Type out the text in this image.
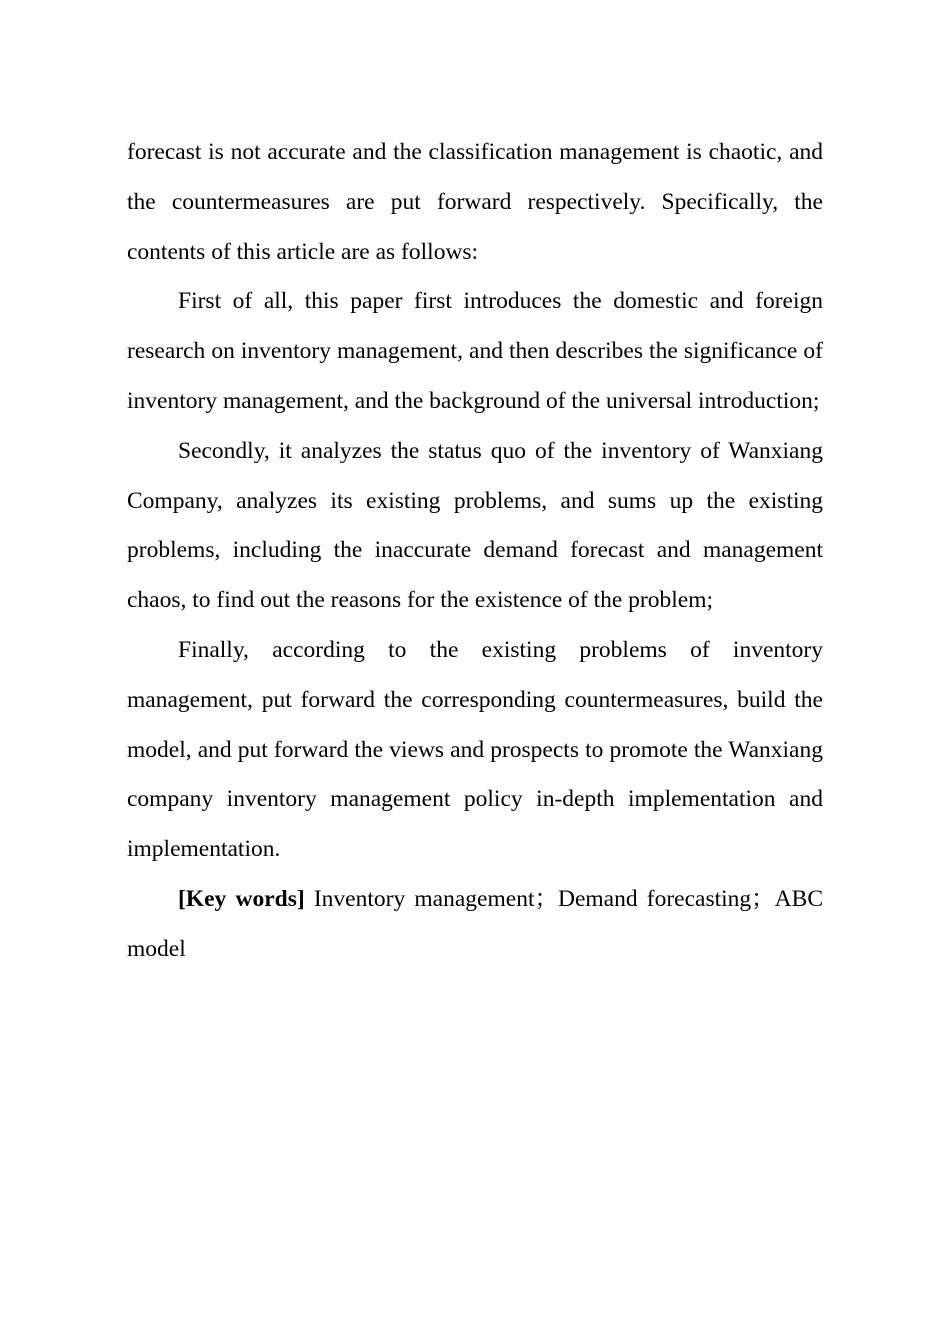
forecast is not accurate and the classification management is chaotic, and the countermeasures are put forward respectively. Specifically, the contents of this article are as follows:

First of all, this paper first introduces the domestic and foreign research on inventory management, and then describes the significance of inventory management, and the background of the universal introduction;

Secondly, it analyzes the status quo of the inventory of Wanxiang Company, analyzes its existing problems, and sums up the existing problems, including the inaccurate demand forecast and management chaos, to find out the reasons for the existence of the problem;

Finally, according to the existing problems of inventory management, put forward the corresponding countermeasures, build the model, and put forward the views and prospects to promote the Wanxiang company inventory management policy in-depth implementation and implementation.

[Key words] Inventory management；Demand forecasting；ABC model
